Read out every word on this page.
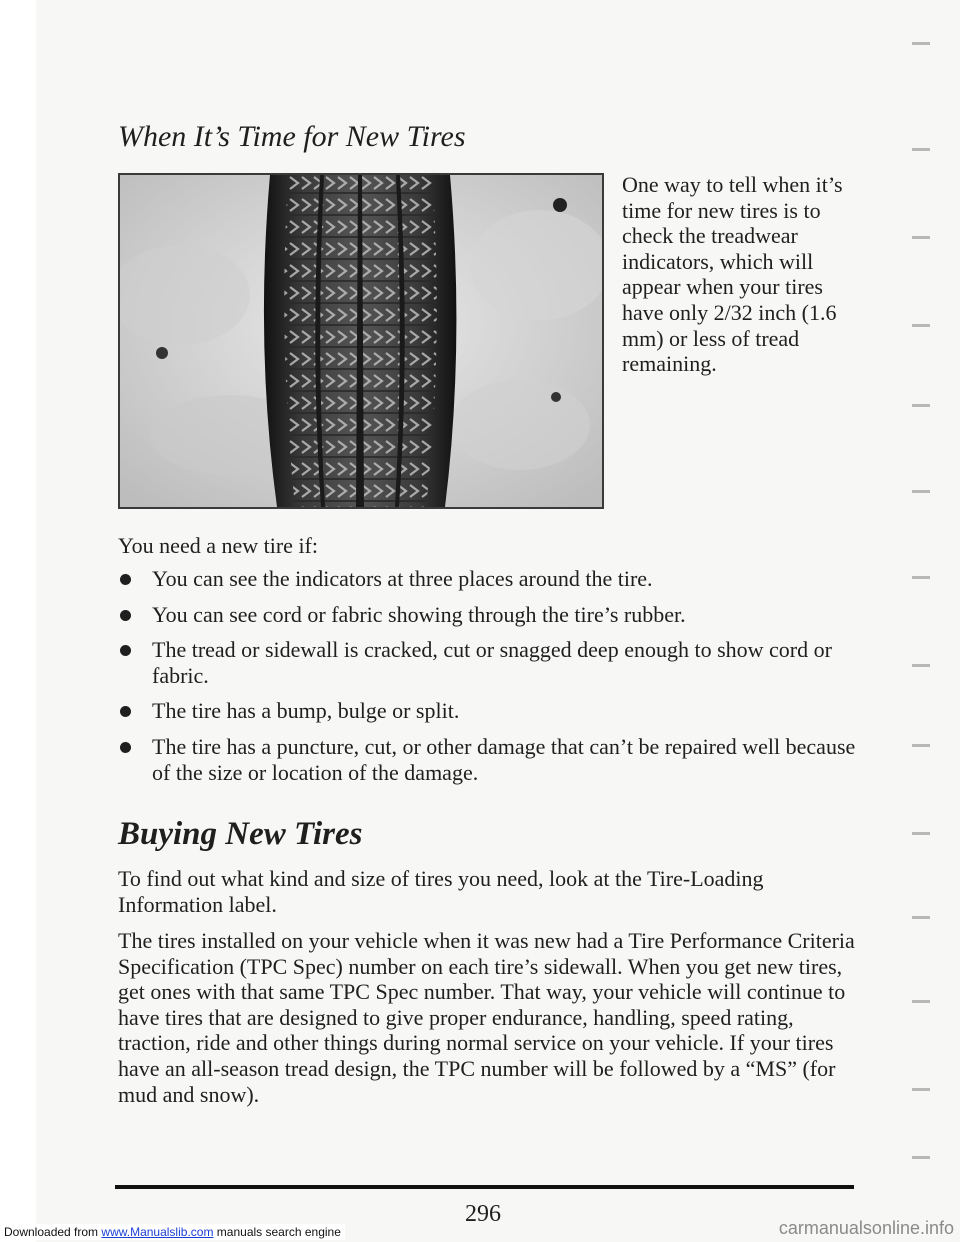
When It’s Time for New Tires

One way to tell when it’s time for new tires is to check the treadwear indicators, which will appear when your tires have only 2/32 inch (1.6 mm) or less of tread remaining.

You need a new tire if:

You can see the indicators at three places around the tire.
You can see cord or fabric showing through the tire’s rubber.
The tread or sidewall is cracked, cut or snagged deep enough to show cord or fabric.
The tire has a bump, bulge or split.
The tire has a puncture, cut, or other damage that can’t be repaired well because of the size or location of the damage.
Buying New Tires

To find out what kind and size of tires you need, look at the Tire-Loading Information label.

The tires installed on your vehicle when it was new had a Tire Performance Criteria Specification (TPC Spec) number on each tire’s sidewall. When you get new tires, get ones with that same TPC Spec number. That way, your vehicle will continue to have tires that are designed to give proper endurance, handling, speed rating, traction, ride and other things during normal service on your vehicle. If your tires have an all-season tread design, the TPC number will be followed by a “MS” (for mud and snow).

296

Downloaded from www.Manualslib.com manuals search engine	carmanualsonline.info
